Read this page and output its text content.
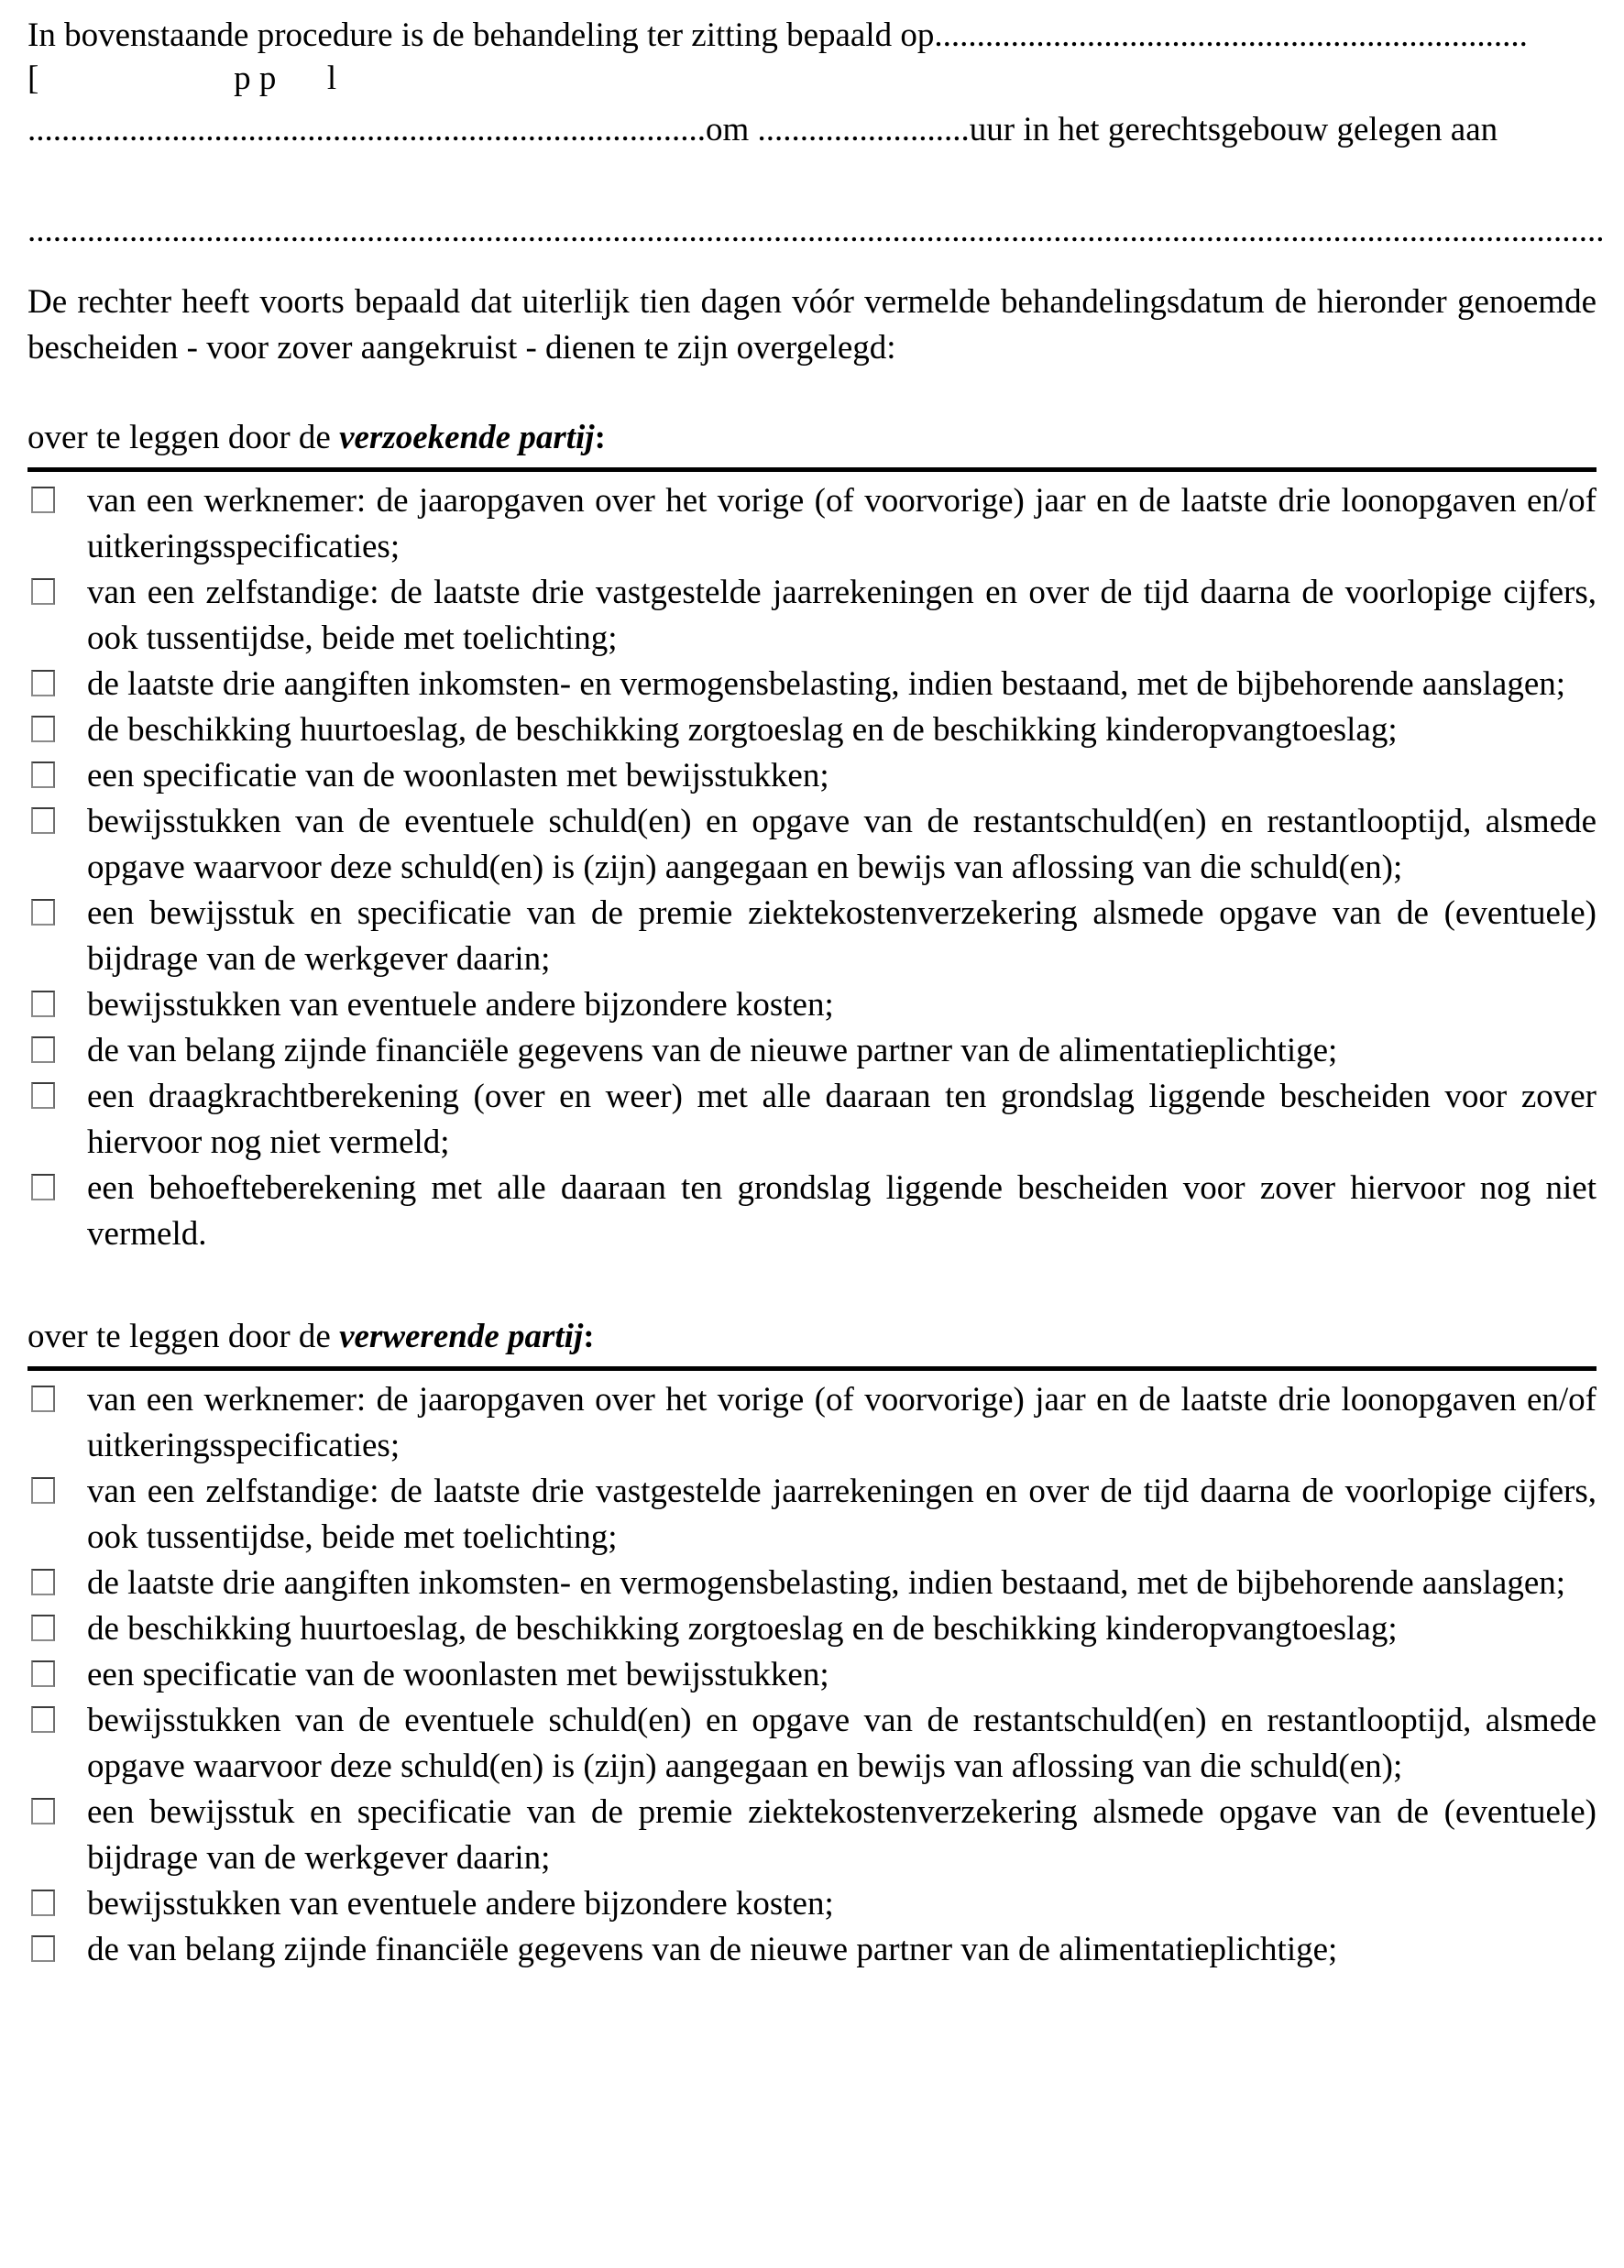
[                       p p      l

In bovenstaande procedure is de behandeling ter zitting bepaald op......................................................................
................................................................................om .........................uur in het gerechtsgebouw gelegen aan
..........................................................................................................................................................................................
De rechter heeft voorts bepaald dat uiterlijk tien dagen vóór vermelde behandelingsdatum de hieronder genoemde bescheiden - voor zover aangekruist - dienen te zijn overgelegd:
over te leggen door de verzoekende partij:
van een werknemer: de jaaropgaven over het vorige (of voorvorige) jaar en de laatste drie loonopgaven en/of uitkeringsspecificaties;
van een zelfstandige: de laatste drie vastgestelde jaarrekeningen en over de tijd daarna de voorlopige cijfers, ook tussentijdse, beide met toelichting;
de laatste drie aangiften inkomsten- en vermogensbelasting, indien bestaand, met de bijbehorende aanslagen;
de beschikking huurtoeslag, de beschikking zorgtoeslag en de beschikking kinderopvangtoeslag;
een specificatie van de woonlasten met bewijsstukken;
bewijsstukken van de eventuele schuld(en) en opgave van de restantschuld(en) en restantlooptijd, alsmede opgave waarvoor deze schuld(en) is (zijn) aangegaan en bewijs van aflossing van die schuld(en);
een bewijsstuk en specificatie van de premie ziektekostenverzekering alsmede opgave van de (eventuele) bijdrage van de werkgever daarin;
bewijsstukken van eventuele andere bijzondere kosten;
de van belang zijnde financiële gegevens van de nieuwe partner van de alimentatieplichtige;
een draagkrachtberekening (over en weer) met alle daaraan ten grondslag liggende bescheiden voor zover hiervoor nog niet vermeld;
een behoefteberekening met alle daaraan ten grondslag liggende bescheiden voor zover hiervoor nog niet vermeld.
over te leggen door de verwerende partij:
van een werknemer: de jaaropgaven over het vorige (of voorvorige) jaar en de laatste drie loonopgaven en/of uitkeringsspecificaties;
van een zelfstandige: de laatste drie vastgestelde jaarrekeningen en over de tijd daarna de voorlopige cijfers, ook tussentijdse, beide met toelichting;
de laatste drie aangiften inkomsten- en vermogensbelasting, indien bestaand, met de bijbehorende aanslagen;
de beschikking huurtoeslag, de beschikking zorgtoeslag en de beschikking kinderopvangtoeslag;
een specificatie van de woonlasten met bewijsstukken;
bewijsstukken van de eventuele schuld(en) en opgave van de restantschuld(en) en restantlooptijd, alsmede opgave waarvoor deze schuld(en) is (zijn) aangegaan en bewijs van aflossing van die schuld(en);
een bewijsstuk en specificatie van de premie ziektekostenverzekering alsmede opgave van de (eventuele) bijdrage van de werkgever daarin;
bewijsstukken van eventuele andere bijzondere kosten;
de van belang zijnde financiële gegevens van de nieuwe partner van de alimentatieplichtige;
